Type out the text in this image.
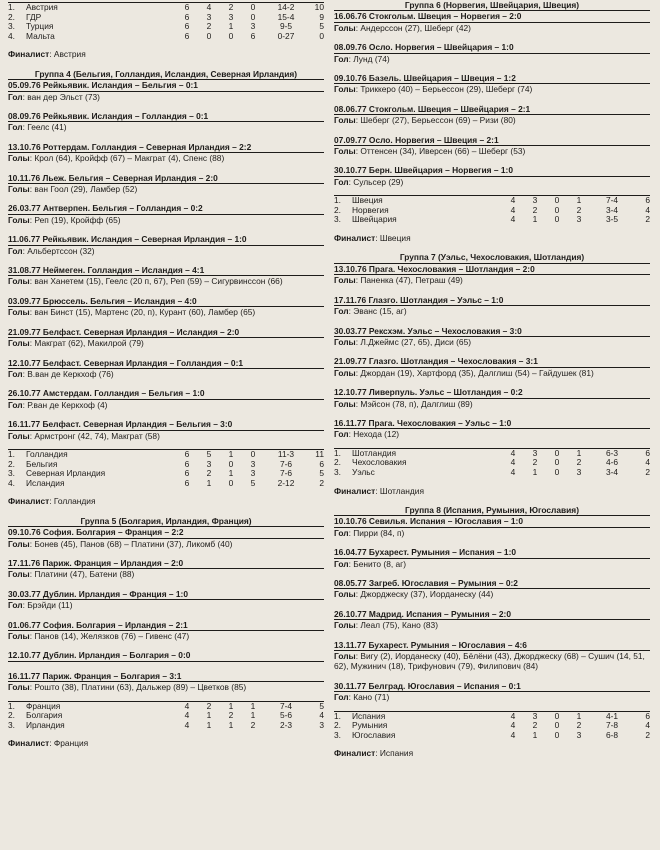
1.	Австрия	6	4	2	0	14-2	10
2.	ГДР	6	3	3	0	15-4	9
3.	Турция	6	2	1	3	9-5	5
4.	Мальта	6	0	0	6	0-27	0
Финалист: Австрия
Группа 4 (Бельгия, Голландия, Исландия, Северная Ирландия)
05.09.76 Рейкьявик. Исландия – Бельгия – 0:1
Гол: ван дер Эльст (73)
08.09.76 Рейкьявик. Исландия – Голландия – 0:1
Гол: Геелс (41)
13.10.76 Роттердам. Голландия – Северная Ирландия – 2:2
Голы: Крол (64), Кройфф (67) – Макграт (4), Спенс (88)
10.11.76 Льеж. Бельгия – Северная Ирландия – 2:0
Голы: ван Гоол (29), Ламбер (52)
26.03.77 Антверпен. Бельгия – Голландия – 0:2
Голы: Реп (19), Кройфф (65)
11.06.77 Рейкьявик. Исландия – Северная Ирландия – 1:0
Гол: Альбертссон (32)
31.08.77 Неймеген. Голландия – Исландия – 4:1
Голы: ван Ханетем (15), Геелс (20 п, 67), Реп (59) – Сигурвинссон (66)
03.09.77 Брюссель. Бельгия – Исландия – 4:0
Голы: ван Бинст (15), Мартенс (20, п), Курант (60), Ламбер (65)
21.09.77 Белфаст. Северная Ирландия – Исландия – 2:0
Голы: Макграт (62), Макилрой (79)
12.10.77 Белфаст. Северная Ирландия – Голландия – 0:1
Гол: В.ван де Керкхоф (76)
26.10.77 Амстердам. Голландия – Бельгия – 1:0
Гол: Р.ван де Керкхоф (4)
16.11.77 Белфаст. Северная Ирландия – Бельгия – 3:0
Голы: Армстронг (42, 74), Макграт (58)
1.	Голландия	6	5	1	0	11-3	11
2.	Бельгия	6	3	0	3	7-6	6
3.	Северная Ирландия	6	2	1	3	7-6	5
4.	Исландия	6	1	0	5	2-12	2
Финалист: Голландия
Группа 5 (Болгария, Ирландия, Франция)
09.10.76 София. Болгария – Франция – 2:2
Голы: Бонев (45), Панов (68) – Платини (37), Ликомб (40)
17.11.76 Париж. Франция – Ирландия – 2:0
Голы: Платини (47), Батени (88)
30.03.77 Дублин. Ирландия – Франция – 1:0
Гол: Брэйди (11)
01.06.77 София. Болгария – Ирландия – 2:1
Голы: Панов (14), Желязков (76) – Гивенс (47)
12.10.77 Дублин. Ирландия – Болгария – 0:0
16.11.77 Париж. Франция – Болгария – 3:1
Голы: Рошто (38), Платини (63), Дальжер (89) – Цветков (85)
1.	Франция	4	2	1	1	7-4	5
2.	Болгария	4	1	2	1	5-6	4
3.	Ирландия	4	1	1	2	2-3	3
Финалист: Франция
Группа 6 (Норвегия, Швейцария, Швеция)
16.06.76 Стокгольм. Швеция – Норвегия – 2:0
Голы: Андерссон (27), Шеберг (42)
08.09.76 Осло. Норвегия – Швейцария – 1:0
Гол: Лунд (74)
09.10.76 Базель. Швейцария – Швеция – 1:2
Голы: Триккеро (40) – Берьессон (29), Шеберг (74)
08.06.77 Стокгольм. Швеция – Швейцария – 2:1
Голы: Шеберг (27), Берьессон (69) – Ризи (80)
07.09.77 Осло. Норвегия – Швеция – 2:1
Голы: Оттенсен (34), Иверсен (66) – Шеберг (53)
30.10.77 Берн. Швейцария – Норвегия – 1:0
Гол: Сульсер (29)
1.	Швеция	4	3	0	1	7-4	6
2.	Норвегия	4	2	0	2	3-4	4
3.	Швейцария	4	1	0	3	3-5	2
Финалист: Швеция
Группа 7 (Уэльс, Чехословакия, Шотландия)
13.10.76 Прага. Чехословакия – Шотландия – 2:0
Голы: Паненка (47), Петраш (49)
17.11.76 Глазго. Шотландия – Уэльс – 1:0
Гол: Эванс (15, аг)
30.03.77 Рексхэм. Уэльс – Чехословакия – 3:0
Голы: Л.Джеймс (27, 65), Диси (65)
21.09.77 Глазго. Шотландия – Чехословакия – 3:1
Голы: Джордан (19), Хартфорд (35), Далглиш (54) – Гайдушек (81)
12.10.77 Ливерпуль. Уэльс – Шотландия – 0:2
Голы: Мэйсон (78, п), Далглиш (89)
16.11.77 Прага. Чехословакия – Уэльс – 1:0
Гол: Нехода (12)
1.	Шотландия	4	3	0	1	6-3	6
2.	Чехословакия	4	2	0	2	4-6	4
3.	Уэльс	4	1	0	3	3-4	2
Финалист: Шотландия
Группа 8 (Испания, Румыния, Югославия)
10.10.76 Севилья. Испания – Югославия – 1:0
Гол: Пирри (84, п)
16.04.77 Бухарест. Румыния – Испания – 1:0
Гол: Бенито (8, аг)
08.05.77 Загреб. Югославия – Румыния – 0:2
Голы: Джорджеску (37), Иорданеску (44)
26.10.77 Мадрид. Испания – Румыния – 2:0
Голы: Леал (75), Кано (83)
13.11.77 Бухарест. Румыния – Югославия – 4:6
Голы: Вигу (2), Иорданеску (40), Бёлёни (43), Джорджеску (68) – Сушич (14, 51, 62), Мужинич (18), Трифунович (79), Филипович (84)
30.11.77 Белград. Югославия – Испания – 0:1
Гол: Кано (71)
1.	Испания	4	3	0	1	4-1	6
2.	Румыния	4	2	0	2	7-8	4
3.	Югославия	4	1	0	3	6-8	2
Финалист: Испания
